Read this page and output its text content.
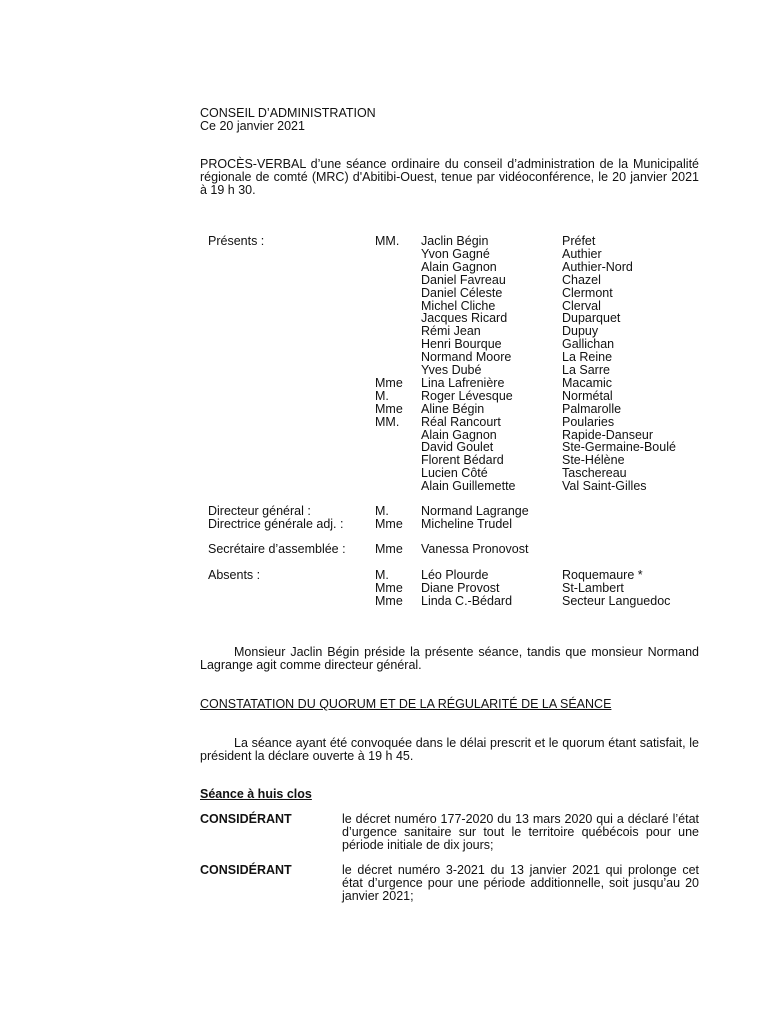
CONSEIL D’ADMINISTRATION
Ce 20 janvier 2021
PROCÈS-VERBAL d’une séance ordinaire du conseil d’administration de la Municipalité régionale de comté (MRC) d'Abitibi-Ouest, tenue par vidéoconférence, le 20 janvier 2021 à 19 h 30.
Présents :	MM. Jaclin Bégin	Préfet
Yvon Gagné	Authier
Alain Gagnon	Authier-Nord
Daniel Favreau	Chazel
Daniel Céleste	Clermont
Michel Cliche	Clerval
Jacques Ricard	Duparquet
Rémi Jean	Dupuy
Henri Bourque	Gallichan
Normand Moore	La Reine
Yves Dubé	La Sarre
Mme Lina Lafrenière	Macamic
M.	Roger Lévesque	Normétal
Mme Aline Bégin	Palmarolle
MM. Réal Rancourt	Poularies
Alain Gagnon	Rapide-Danseur
David Goulet	Ste-Germaine-Boulé
Florent Bédard	Ste-Hélène
Lucien Côté	Taschereau
Alain Guillemette	Val Saint-Gilles
Directeur général :	M.	Normand Lagrange
Directrice générale adj. :	Mme Micheline Trudel
Secrétaire d’assemblée : Mme Vanessa Pronovost
Absents :	M.	Léo Plourde	Roquemaure *
Mme Diane Provost	St-Lambert
Mme Linda C.-Bédard	Secteur Languedoc
Monsieur Jaclin Bégin préside la présente séance, tandis que monsieur Normand Lagrange agit comme directeur général.
CONSTATATION DU QUORUM ET DE LA RÉGULARITÉ DE LA SÉANCE
La séance ayant été convoquée dans le délai prescrit et le quorum étant satisfait, le président la déclare ouverte à 19 h 45.
Séance à huis clos
CONSIDÉRANT	le décret numéro 177-2020 du 13 mars 2020 qui a déclaré l’état d’urgence sanitaire sur tout le territoire québécois pour une période initiale de dix jours;
CONSIDÉRANT	le décret numéro 3-2021 du 13 janvier 2021 qui prolonge cet état d’urgence pour une période additionnelle, soit jusqu’au 20 janvier 2021;
